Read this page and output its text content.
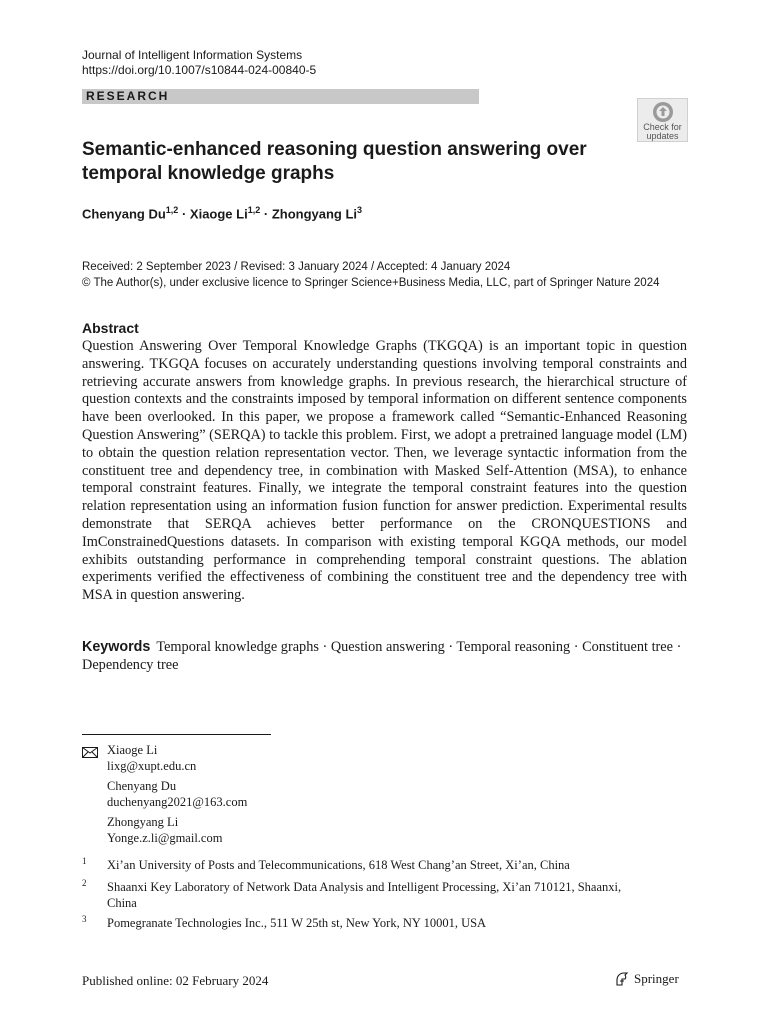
Journal of Intelligent Information Systems
https://doi.org/10.1007/s10844-024-00840-5
RESEARCH
Check for
updates
Semantic-enhanced reasoning question answering over temporal knowledge graphs
Chenyang Du$^{1,2}$ · Xiaoge Li$^{1,2}$ · Zhongyang Li$^3$
Received: 2 September 2023 / Revised: 3 January 2024 / Accepted: 4 January 2024
© The Author(s), under exclusive licence to Springer Science+Business Media, LLC, part of Springer Nature 2024
Abstract
Question Answering Over Temporal Knowledge Graphs (TKGQA) is an important topic in question answering. TKGQA focuses on accurately understanding questions involving temporal constraints and retrieving accurate answers from knowledge graphs. In previous research, the hierarchical structure of question contexts and the constraints imposed by temporal information on different sentence components have been overlooked. In this paper, we propose a framework called “Semantic-Enhanced Reasoning Question Answering” (SERQA) to tackle this problem. First, we adopt a pretrained language model (LM) to obtain the question relation representation vector. Then, we leverage syntactic information from the constituent tree and dependency tree, in combination with Masked Self-Attention (MSA), to enhance temporal constraint features. Finally, we integrate the temporal constraint features into the question relation representation using an information fusion function for answer prediction. Experimental results demonstrate that SERQA achieves better performance on the CRONQUESTIONS and ImConstrainedQuestions datasets. In comparison with existing temporal KGQA methods, our model exhibits outstanding performance in comprehending temporal constraint questions. The ablation experiments verified the effectiveness of combining the constituent tree and the dependency tree with MSA in question answering.
Keywords Temporal knowledge graphs · Question answering · Temporal reasoning · Constituent tree · Dependency tree
Xiaoge Li
lixg@xupt.edu.cn
Chenyang Du
duchenyang2021@163.com
Zhongyang Li
Yonge.z.li@gmail.com
1 Xi’an University of Posts and Telecommunications, 618 West Chang’an Street, Xi’an, China
2 Shaanxi Key Laboratory of Network Data Analysis and Intelligent Processing, Xi’an 710121, Shaanxi, China
3 Pomegranate Technologies Inc., 511 W 25th st, New York, NY 10001, USA
Published online: 02 February 2024	Springer
